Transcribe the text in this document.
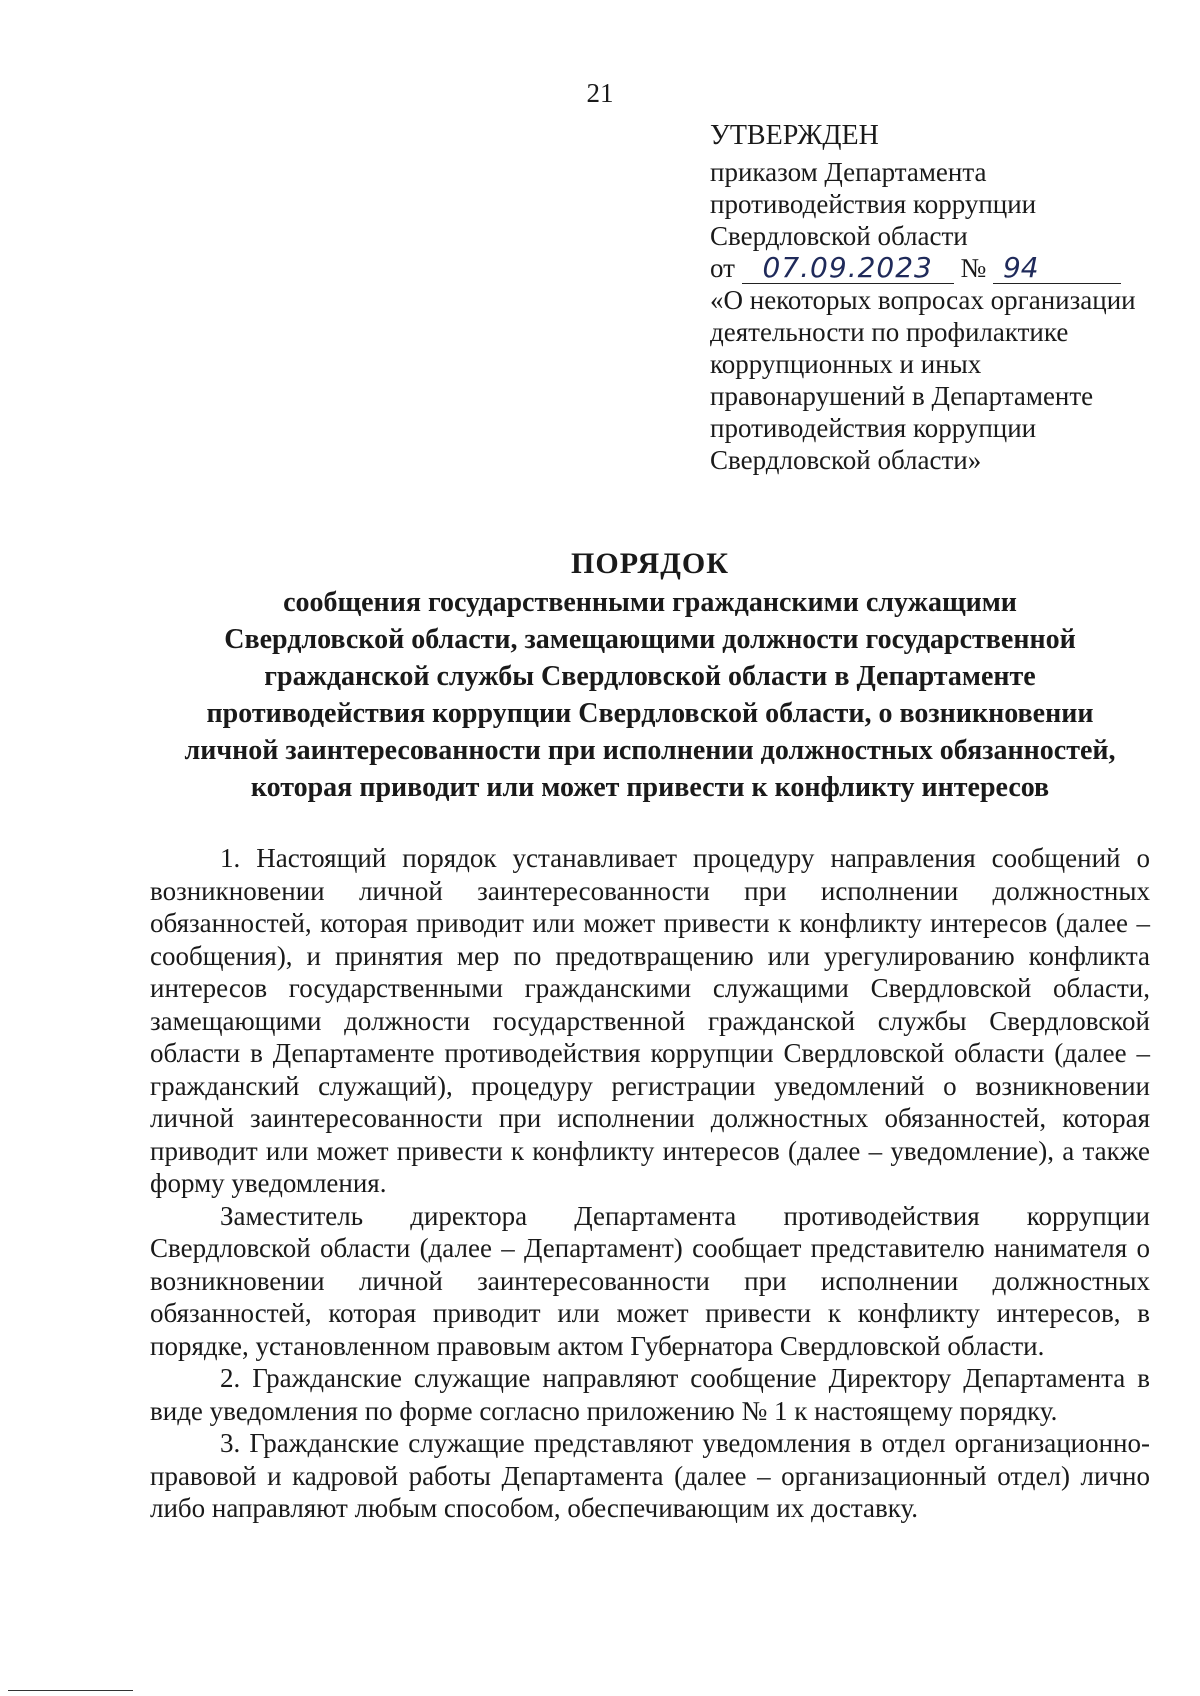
21
УТВЕРЖДЕН
приказом Департамента
противодействия коррупции
Свердловской области
от 07.09.2023 № 94
«О некоторых вопросах организации
деятельности по профилактике
коррупционных и иных
правонарушений в Департаменте
противодействия коррупции
Свердловской области»
ПОРЯДОК
сообщения государственными гражданскими служащими
Свердловской области, замещающими должности государственной
гражданской службы Свердловской области в Департаменте
противодействия коррупции Свердловской области, о возникновении
личной заинтересованности при исполнении должностных обязанностей,
которая приводит или может привести к конфликту интересов

1. Настоящий порядок устанавливает процедуру направления сообщений о возникновении личной заинтересованности при исполнении должностных обязанностей, которая приводит или может привести к конфликту интересов (далее – сообщения), и принятия мер по предотвращению или урегулированию конфликта интересов государственными гражданскими служащими Свердловской области, замещающими должности государственной гражданской службы Свердловской области в Департаменте противодействия коррупции Свердловской области (далее – гражданский служащий), процедуру регистрации уведомлений о возникновении личной заинтересованности при исполнении должностных обязанностей, которая приводит или может привести к конфликту интересов (далее – уведомление), а также форму уведомления.

Заместитель директора Департамента противодействия коррупции Свердловской области (далее – Департамент) сообщает представителю нанимателя о возникновении личной заинтересованности при исполнении должностных обязанностей, которая приводит или может привести к конфликту интересов, в порядке, установленном правовым актом Губернатора Свердловской области.

2. Гражданские служащие направляют сообщение Директору Департамента в виде уведомления по форме согласно приложению № 1 к настоящему порядку.

3. Гражданские служащие представляют уведомления в отдел организационно-правовой и кадровой работы Департамента (далее – организационный отдел) лично либо направляют любым способом, обеспечивающим их доставку.
